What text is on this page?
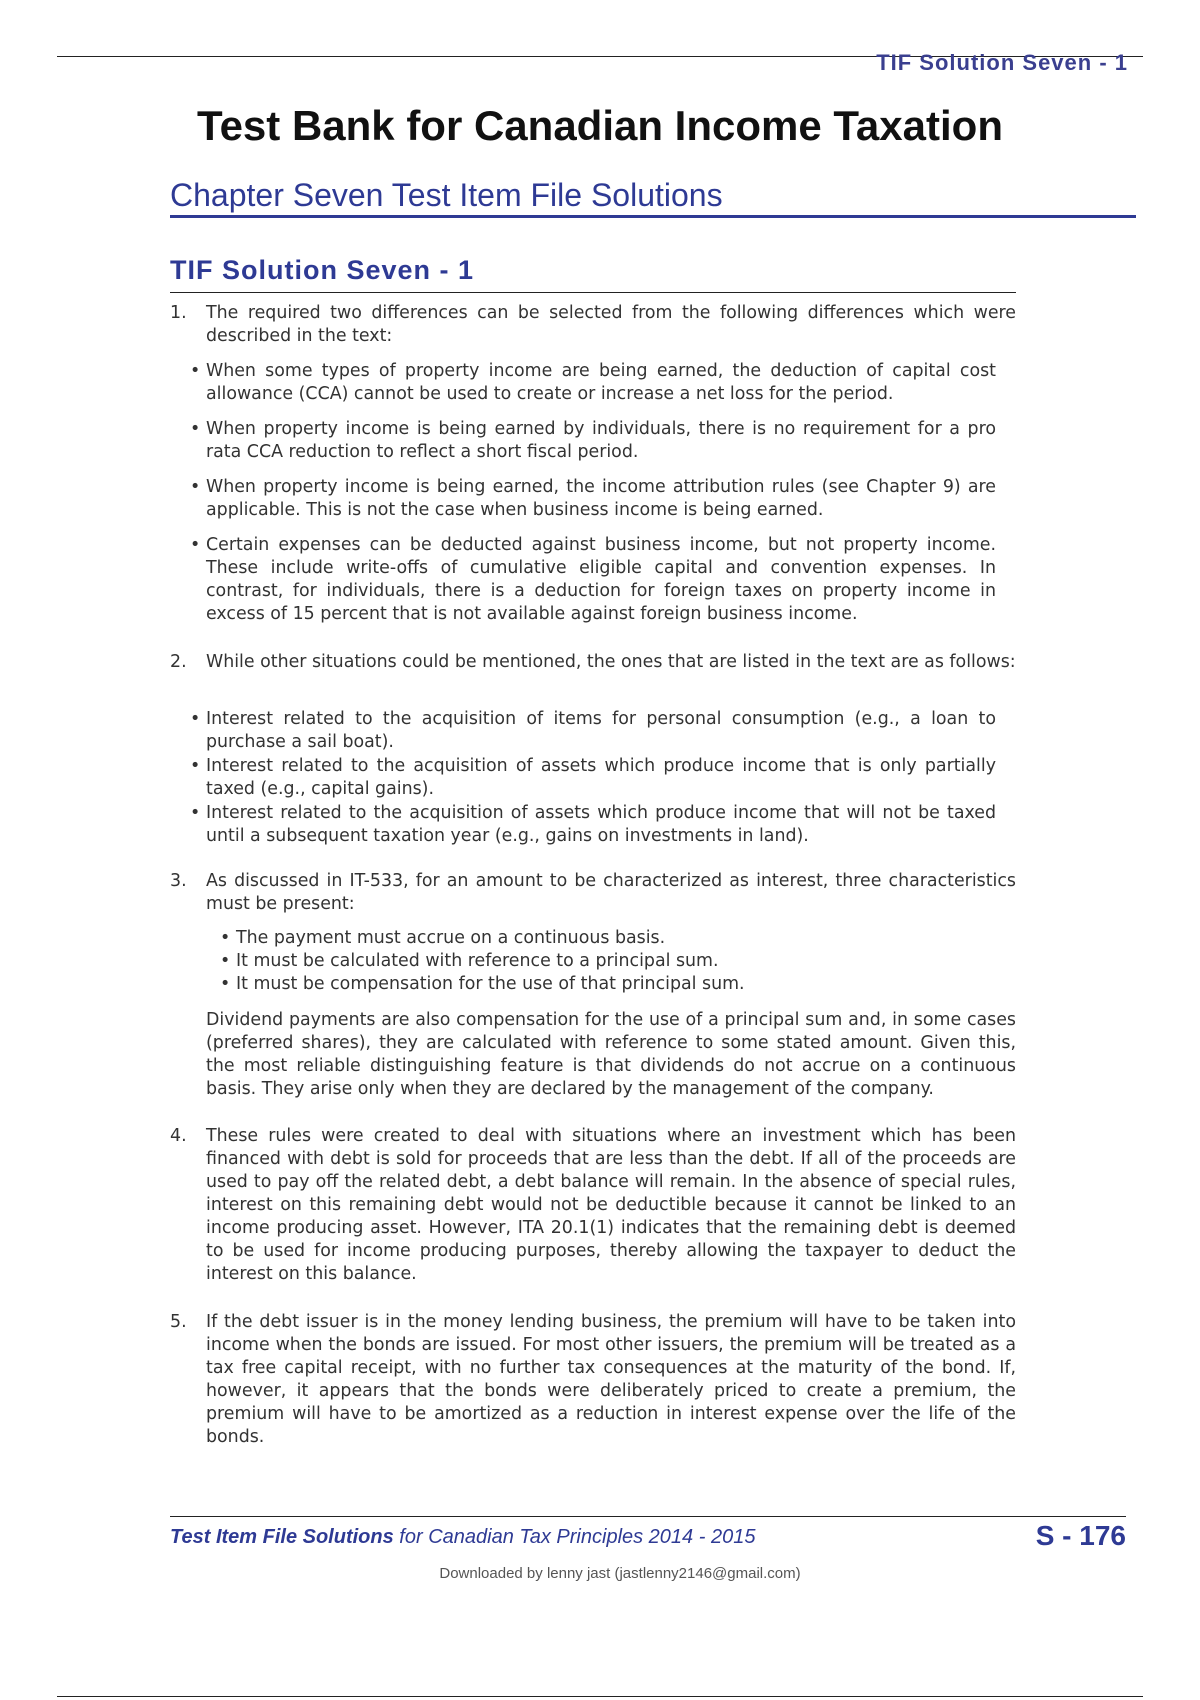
TIF Solution Seven - 1
Test Bank for Canadian Income Taxation
Chapter Seven Test Item File Solutions
TIF Solution Seven - 1
1.	The required two differences can be selected from the following differences which were described in the text:
• When some types of property income are being earned, the deduction of capital cost allowance (CCA) cannot be used to create or increase a net loss for the period.
• When property income is being earned by individuals, there is no requirement for a pro rata CCA reduction to reflect a short fiscal period.
• When property income is being earned, the income attribution rules (see Chapter 9) are applicable. This is not the case when business income is being earned.
• Certain expenses can be deducted against business income, but not property income. These include write-offs of cumulative eligible capital and convention expenses. In contrast, for individuals, there is a deduction for foreign taxes on property income in excess of 15 percent that is not available against foreign business income.
2.	While other situations could be mentioned, the ones that are listed in the text are as follows:
• Interest related to the acquisition of items for personal consumption (e.g., a loan to purchase a sail boat).
• Interest related to the acquisition of assets which produce income that is only partially taxed (e.g., capital gains).
• Interest related to the acquisition of assets which produce income that will not be taxed until a subsequent taxation year (e.g., gains on investments in land).
3.	As discussed in IT-533, for an amount to be characterized as interest, three characteristics must be present:
• The payment must accrue on a continuous basis.
• It must be calculated with reference to a principal sum.
• It must be compensation for the use of that principal sum.
Dividend payments are also compensation for the use of a principal sum and, in some cases (preferred shares), they are calculated with reference to some stated amount. Given this, the most reliable distinguishing feature is that dividends do not accrue on a continuous basis. They arise only when they are declared by the management of the company.
4.	These rules were created to deal with situations where an investment which has been financed with debt is sold for proceeds that are less than the debt. If all of the proceeds are used to pay off the related debt, a debt balance will remain. In the absence of special rules, interest on this remaining debt would not be deductible because it cannot be linked to an income producing asset. However, ITA 20.1(1) indicates that the remaining debt is deemed to be used for income producing purposes, thereby allowing the taxpayer to deduct the interest on this balance.
5.	If the debt issuer is in the money lending business, the premium will have to be taken into income when the bonds are issued. For most other issuers, the premium will be treated as a tax free capital receipt, with no further tax consequences at the maturity of the bond. If, however, it appears that the bonds were deliberately priced to create a premium, the premium will have to be amortized as a reduction in interest expense over the life of the bonds.
Test Item File Solutions for Canadian Tax Principles 2014 - 2015	S - 176
Downloaded by lenny jast (jastlenny2146@gmail.com)
